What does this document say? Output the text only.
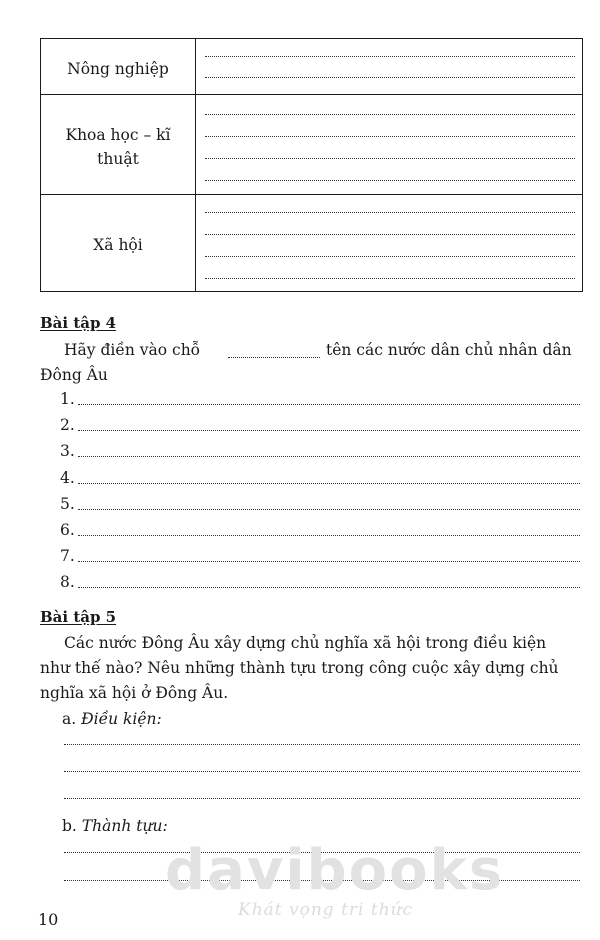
Nông nghiệp
Khoa học – kĩ
thuật
Xã hội
Bài tập 4
Hãy điền vào chỗ	tên các nước dân chủ nhân dân
Đông Âu
1.
2.
3.
4.
5.
6.
7.
8.
Bài tập 5
Các nước Đông Âu xây dựng chủ nghĩa xã hội trong điều kiện
như thế nào? Nêu những thành tựu trong công cuộc xây dựng chủ
nghĩa xã hội ở Đông Âu.
a. Điều kiện:
b. Thành tựu:
davibooks
Khát vọng tri thức
10
